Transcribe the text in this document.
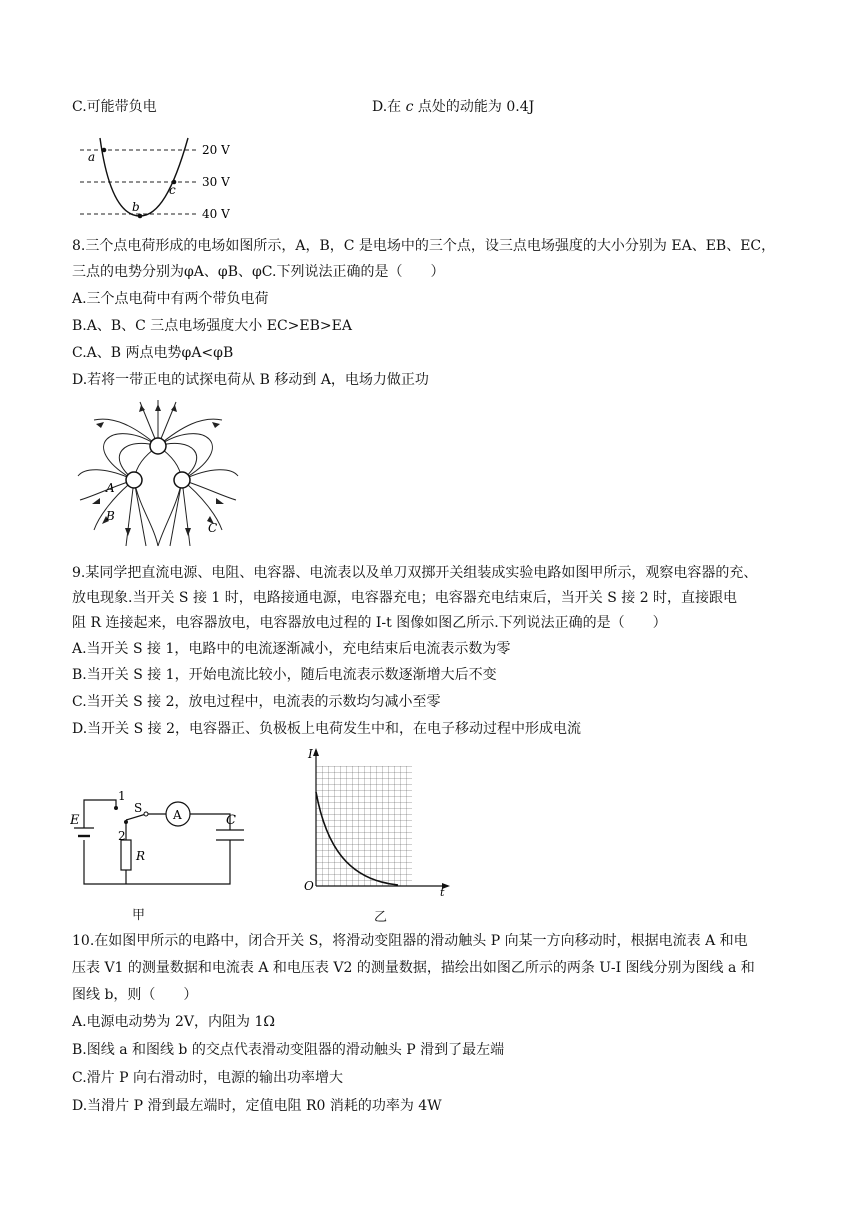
C.可能带负电	D.在 c 点处的动能为 0.4J
a
b
c
20 V
30 V
40 V
8.三个点电荷形成的电场如图所示，A，B，C 是电场中的三个点，设三点电场强度的大小分别为 EA、EB、EC，
三点的电势分别为φA、φB、φC.下列说法正确的是（　　）
A.三个点电荷中有两个带负电荷
B.A、B、C 三点电场强度大小 EC>EB>EA
C.A、B 两点电势φA<φB
D.若将一带正电的试探电荷从 B 移动到 A，电场力做正功
A
B
C
9.某同学把直流电源、电阻、电容器、电流表以及单刀双掷开关组装成实验电路如图甲所示，观察电容器的充、
放电现象.当开关 S 接 1 时，电路接通电源，电容器充电；电容器充电结束后，当开关 S 接 2 时，直接跟电
阻 R 连接起来，电容器放电，电容器放电过程的 I-t 图像如图乙所示.下列说法正确的是（　　）
A.当开关 S 接 1，电路中的电流逐渐减小，充电结束后电流表示数为零
B.当开关 S 接 1，开始电流比较小，随后电流表示数逐渐增大后不变
C.当开关 S 接 2，放电过程中，电流表的示数均匀减小至零
D.当开关 S 接 2，电容器正、负极板上电荷发生中和，在电子移动过程中形成电流
1
2
S	A
E
R
C
甲
I
O	t
乙
10.在如图甲所示的电路中，闭合开关 S，将滑动变阻器的滑动触头 P 向某一方向移动时，根据电流表 A 和电
压表 V1 的测量数据和电流表 A 和电压表 V2 的测量数据，描绘出如图乙所示的两条 U-I 图线分别为图线 a 和
图线 b，则（　　）
A.电源电动势为 2V，内阻为 1Ω
B.图线 a 和图线 b 的交点代表滑动变阻器的滑动触头 P 滑到了最左端
C.滑片 P 向右滑动时，电源的输出功率增大
D.当滑片 P 滑到最左端时，定值电阻 R0 消耗的功率为 4W
